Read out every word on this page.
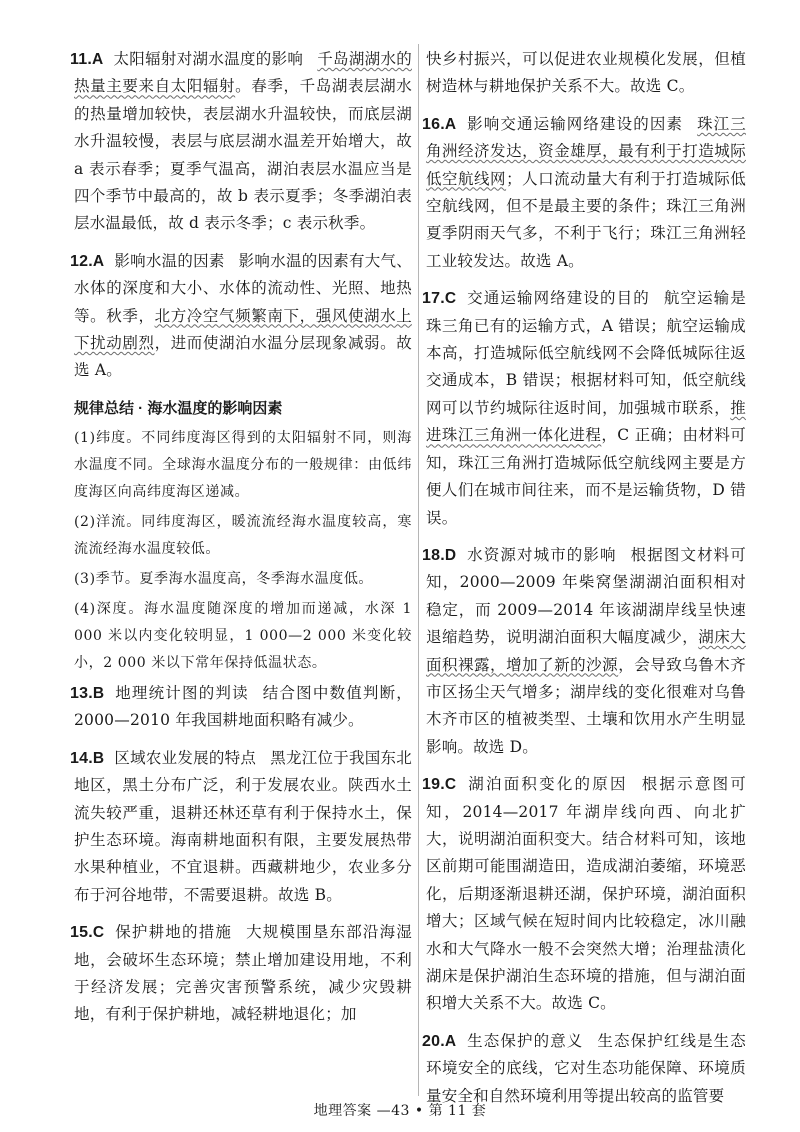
11.A 太阳辐射对湖水温度的影响 千岛湖湖水的热量主要来自太阳辐射。春季，千岛湖表层湖水的热量增加较快，表层湖水升温较快，而底层湖水升温较慢，表层与底层湖水温差开始增大，故 a 表示春季；夏季气温高，湖泊表层水温应当是四个季节中最高的，故 b 表示夏季；冬季湖泊表层水温最低，故 d 表示冬季；c 表示秋季。

12.A 影响水温的因素 影响水温的因素有大气、水体的深度和大小、水体的流动性、光照、地热等。秋季，北方冷空气频繁南下，强风使湖水上下扰动剧烈，进而使湖泊水温分层现象减弱。故选 A。

规律总结 · 海水温度的影响因素

(1)纬度。不同纬度海区得到的太阳辐射不同，则海水温度不同。全球海水温度分布的一般规律：由低纬度海区向高纬度海区递减。

(2)洋流。同纬度海区，暖流流经海水温度较高，寒流流经海水温度较低。

(3)季节。夏季海水温度高，冬季海水温度低。

(4)深度。海水温度随深度的增加而递减，水深 1 000 米以内变化较明显，1 000—2 000 米变化较小，2 000 米以下常年保持低温状态。

13.B 地理统计图的判读 结合图中数值判断，2000—2010 年我国耕地面积略有减少。

14.B 区域农业发展的特点 黑龙江位于我国东北地区，黑土分布广泛，利于发展农业。陕西水土流失较严重，退耕还林还草有利于保持水土，保护生态环境。海南耕地面积有限，主要发展热带水果种植业，不宜退耕。西藏耕地少，农业多分布于河谷地带，不需要退耕。故选 B。

15.C 保护耕地的措施 大规模围垦东部沿海湿地，会破坏生态环境；禁止增加建设用地，不利于经济发展；完善灾害预警系统，减少灾毁耕地，有利于保护耕地，减轻耕地退化；加

快乡村振兴，可以促进农业规模化发展，但植树造林与耕地保护关系不大。故选 C。

16.A 影响交通运输网络建设的因素 珠江三角洲经济发达，资金雄厚，最有利于打造城际低空航线网；人口流动量大有利于打造城际低空航线网，但不是最主要的条件；珠江三角洲夏季阴雨天气多，不利于飞行；珠江三角洲轻工业较发达。故选 A。

17.C 交通运输网络建设的目的 航空运输是珠三角已有的运输方式，A 错误；航空运输成本高，打造城际低空航线网不会降低城际往返交通成本，B 错误；根据材料可知，低空航线网可以节约城际往返时间，加强城市联系，推进珠江三角洲一体化进程，C 正确；由材料可知，珠江三角洲打造城际低空航线网主要是方便人们在城市间往来，而不是运输货物，D 错误。

18.D 水资源对城市的影响 根据图文材料可知，2000—2009 年柴窝堡湖湖泊面积相对稳定，而 2009—2014 年该湖湖岸线呈快速退缩趋势，说明湖泊面积大幅度减少，湖床大面积裸露，增加了新的沙源，会导致乌鲁木齐市区扬尘天气增多；湖岸线的变化很难对乌鲁木齐市区的植被类型、土壤和饮用水产生明显影响。故选 D。

19.C 湖泊面积变化的原因 根据示意图可知，2014—2017 年湖岸线向西、向北扩大，说明湖泊面积变大。结合材料可知，该地区前期可能围湖造田，造成湖泊萎缩，环境恶化，后期逐渐退耕还湖，保护环境，湖泊面积增大；区域气候在短时间内比较稳定，冰川融水和大气降水一般不会突然大增；治理盐渍化湖床是保护湖泊生态环境的措施，但与湖泊面积增大关系不大。故选 C。

20.A 生态保护的意义 生态保护红线是生态环境安全的底线，它对生态功能保障、环境质量安全和自然环境利用等提出较高的监管要

地理答案 —43 • 第 11 套
